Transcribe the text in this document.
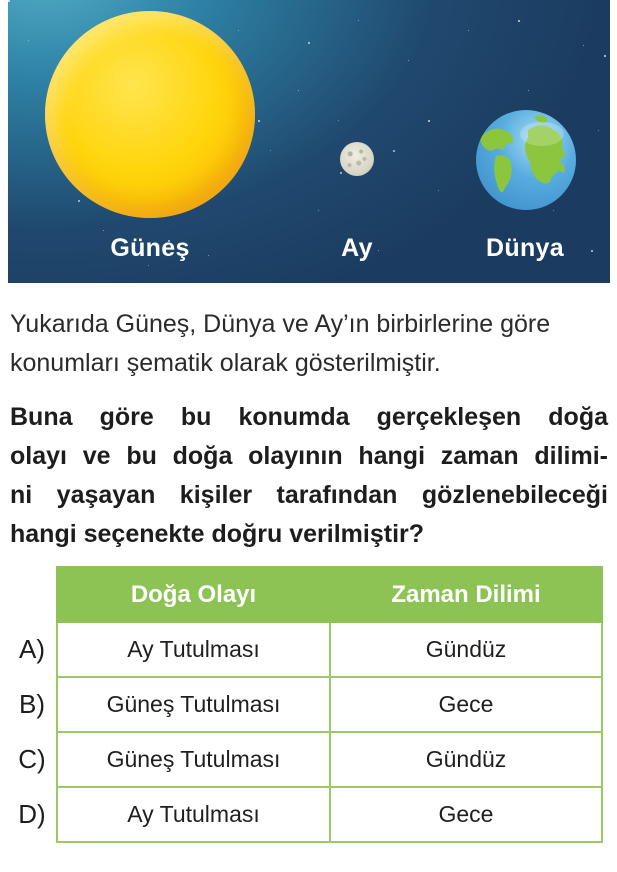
Güneş	Ay	Dünya
Yukarıda Güneş, Dünya ve Ay’ın birbirlerine göre
konumları şematik olarak gösterilmiştir.
Buna göre bu konumda gerçekleşen doğa
olayı ve bu doğa olayının hangi zaman dilimi-
ni yaşayan kişiler tarafından gözlenebileceği
hangi seçenekte doğru verilmiştir?
	Doğa Olayı	Zaman Dilimi
A)	Ay Tutulması	Gündüz
B)	Güneş Tutulması	Gece
C)	Güneş Tutulması	Gündüz
D)	Ay Tutulması	Gece
